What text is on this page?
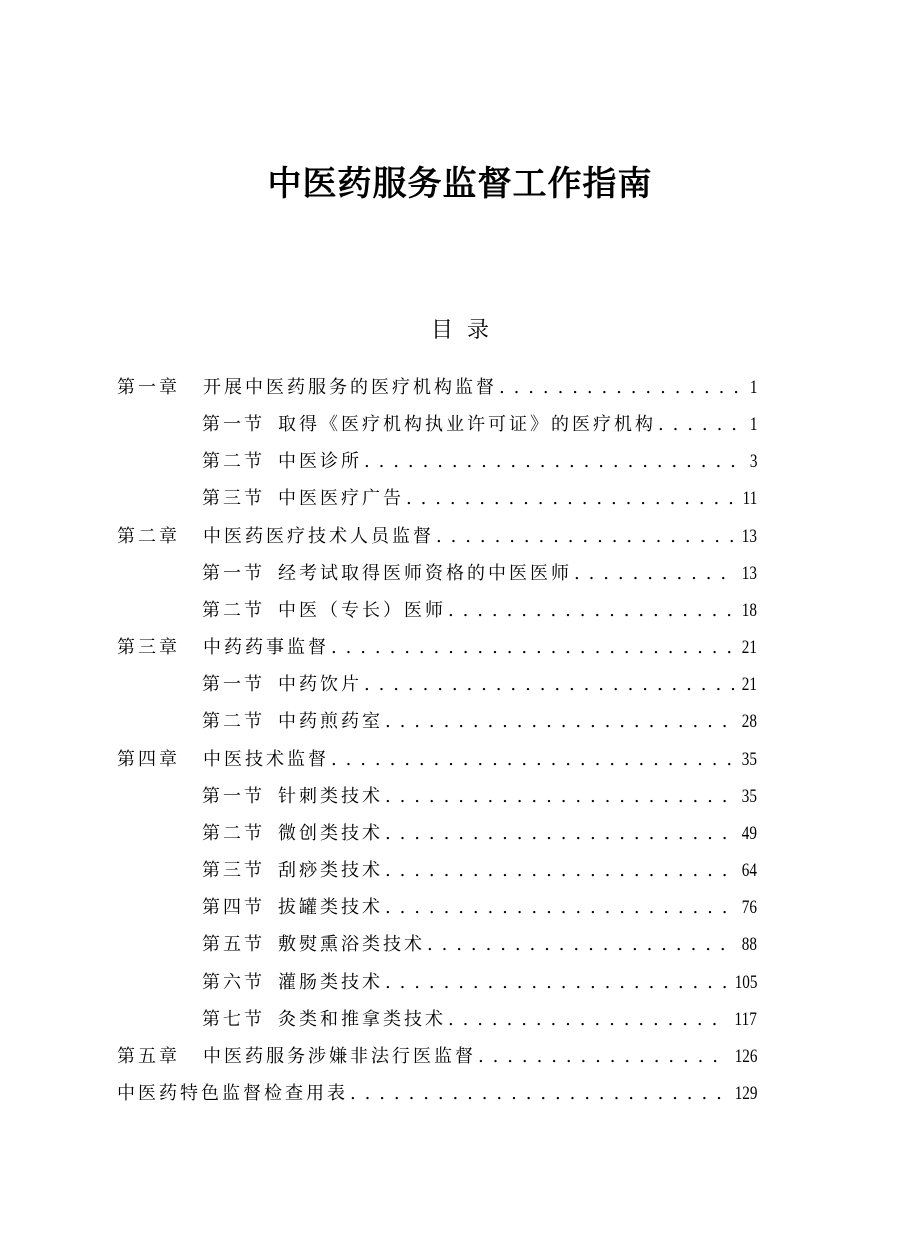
中医药服务监督工作指南
目 录
第一章	开展中医药服务的医疗机构监督 . . .	1
第一节 取得《医疗机构执业许可证》的医疗机构 . . .	1
第二节 中医诊所 . . .	3
第三节 中医医疗广告 . . .	11
第二章	中医药医疗技术人员监督 . . .	13
第一节 经考试取得医师资格的中医医师 . . .	13
第二节 中医（专长）医师 . . .	18
第三章	中药药事监督 . . .	21
第一节 中药饮片 . . .	21
第二节 中药煎药室 . . .	28
第四章	中医技术监督 . . .	35
第一节 针刺类技术 . . .	35
第二节 微创类技术 . . .	49
第三节 刮痧类技术 . . .	64
第四节 拔罐类技术 . . .	76
第五节 敷熨熏浴类技术 . . .	88
第六节 灌肠类技术 . . .	105
第七节 灸类和推拿类技术 . . .	117
第五章	中医药服务涉嫌非法行医监督 . . .	126
中医药特色监督检查用表 . . .	129
